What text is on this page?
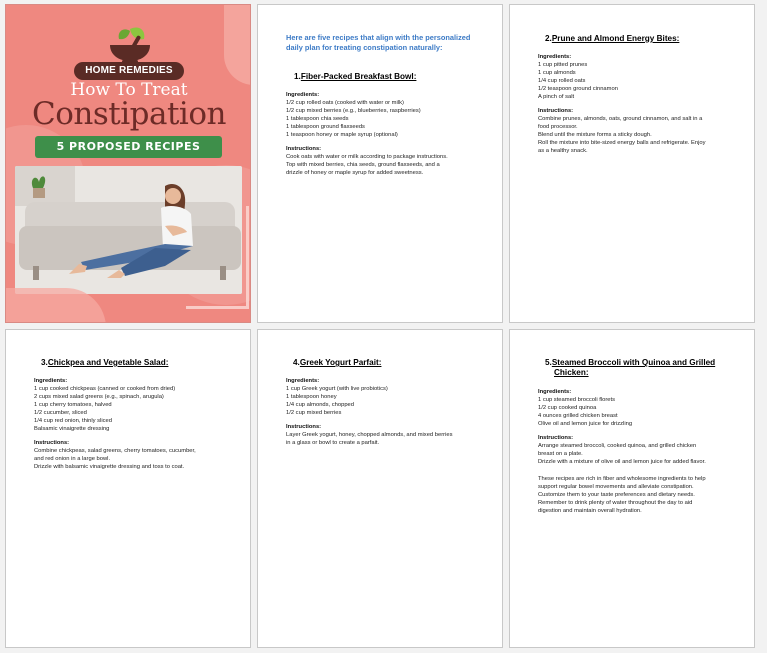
HOME REMEDIES
How To Treat
Constipation
5 PROPOSED RECIPES
Here are five recipes that align with the personalized daily plan for treating constipation naturally:
1.Fiber-Packed Breakfast Bowl:
Ingredients:
1/2 cup rolled oats (cooked with water or milk)
1/2 cup mixed berries (e.g., blueberries, raspberries)
1 tablespoon chia seeds
1 tablespoon ground flaxseeds
1 teaspoon honey or maple syrup (optional)
Instructions:
Cook oats with water or milk according to package instructions.
Top with mixed berries, chia seeds, ground flaxseeds, and a
drizzle of honey or maple syrup for added sweetness.
2.Prune and Almond Energy Bites:
Ingredients:
1 cup pitted prunes
1 cup almonds
1/4 cup rolled oats
1/2 teaspoon ground cinnamon
A pinch of salt
Instructions:
Combine prunes, almonds, oats, ground cinnamon, and salt in a
food processor.
Blend until the mixture forms a sticky dough.
Roll the mixture into bite-sized energy balls and refrigerate. Enjoy
as a healthy snack.
3.Chickpea and Vegetable Salad:
Ingredients:
1 cup cooked chickpeas (canned or cooked from dried)
2 cups mixed salad greens (e.g., spinach, arugula)
1 cup cherry tomatoes, halved
1/2 cucumber, sliced
1/4 cup red onion, thinly sliced
Balsamic vinaigrette dressing
Instructions:
Combine chickpeas, salad greens, cherry tomatoes, cucumber,
and red onion in a large bowl.
Drizzle with balsamic vinaigrette dressing and toss to coat.
4.Greek Yogurt Parfait:
Ingredients:
1 cup Greek yogurt (with live probiotics)
1 tablespoon honey
1/4 cup almonds, chopped
1/2 cup mixed berries
Instructions:
Layer Greek yogurt, honey, chopped almonds, and mixed berries
in a glass or bowl to create a parfait.
5.Steamed Broccoli with Quinoa and Grilled
Chicken:
Ingredients:
1 cup steamed broccoli florets
1/2 cup cooked quinoa
4 ounces grilled chicken breast
Olive oil and lemon juice for drizzling
Instructions:
Arrange steamed broccoli, cooked quinoa, and grilled chicken
breast on a plate.
Drizzle with a mixture of olive oil and lemon juice for added flavor.
These recipes are rich in fiber and wholesome ingredients to help
support regular bowel movements and alleviate constipation.
Customize them to your taste preferences and dietary needs.
Remember to drink plenty of water throughout the day to aid
digestion and maintain overall hydration.
